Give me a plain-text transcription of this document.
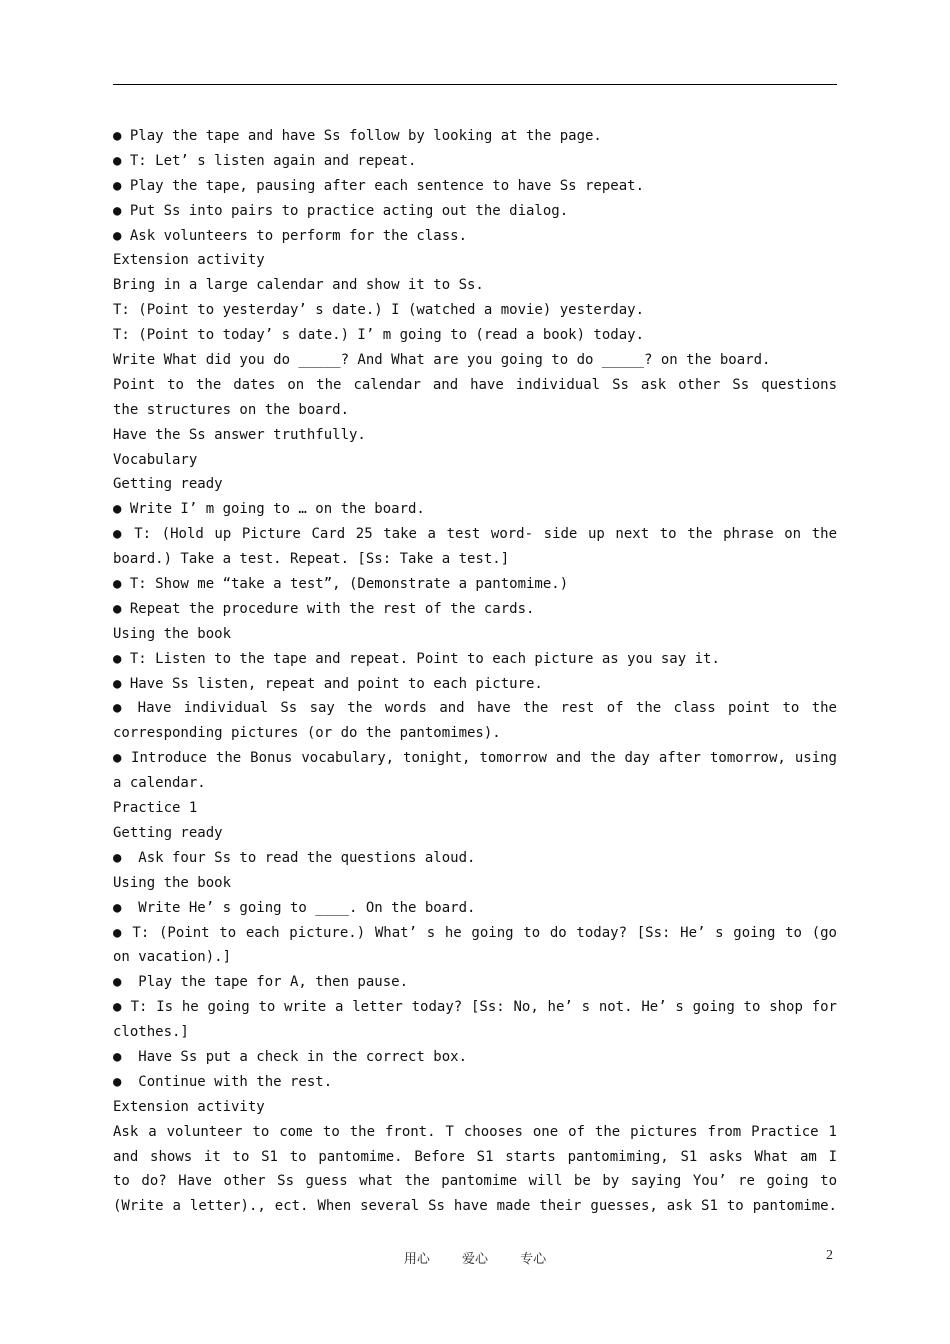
● Play the tape and have Ss follow by looking at the page.
● T: Let’ s listen again and repeat.
● Play the tape, pausing after each sentence to have Ss repeat.
● Put Ss into pairs to practice acting out the dialog.
● Ask volunteers to perform for the class.
Extension activity
Bring in a large calendar and show it to Ss.
T: (Point to yesterday’ s date.) I (watched a movie) yesterday.
T: (Point to today’ s date.) I’ m going to (read a book) today.
Write What did you do _____? And What are you going to do _____? on the board.
Point to the dates on the calendar and have individual Ss ask other Ss questions
the structures on the board.
Have the Ss answer truthfully.
Vocabulary
Getting ready
● Write I’ m going to … on the board.
● T: (Hold up Picture Card 25 take a test word- side up next to the phrase on the
board.) Take a test. Repeat. [Ss: Take a test.]
● T: Show me “take a test”, (Demonstrate a pantomime.)
● Repeat the procedure with the rest of the cards.
Using the book
● T: Listen to the tape and repeat. Point to each picture as you say it.
● Have Ss listen, repeat and point to each picture.
● Have individual Ss say the words and have the rest of the class point to the
corresponding pictures (or do the pantomimes).
● Introduce the Bonus vocabulary, tonight, tomorrow and the day after tomorrow, using
a calendar.
Practice 1
Getting ready
●  Ask four Ss to read the questions aloud.
Using the book
●  Write He’ s going to ____. On the board.
● T: (Point to each picture.) What’ s he going to do today? [Ss: He’ s going to (go
on vacation).]
●  Play the tape for A, then pause.
● T: Is he going to write a letter today? [Ss: No, he’ s not. He’ s going to shop for
clothes.]
●  Have Ss put a check in the correct box.
●  Continue with the rest.
Extension activity
Ask a volunteer to come to the front. T chooses one of the pictures from Practice 1
and shows it to S1 to pantomime. Before S1 starts pantomiming, S1 asks What am I
to do? Have other Ss guess what the pantomime will be by saying You’ re going to
(Write a letter)., ect. When several Ss have made their guesses, ask S1 to pantomime.
用心 爱心 专心	2
